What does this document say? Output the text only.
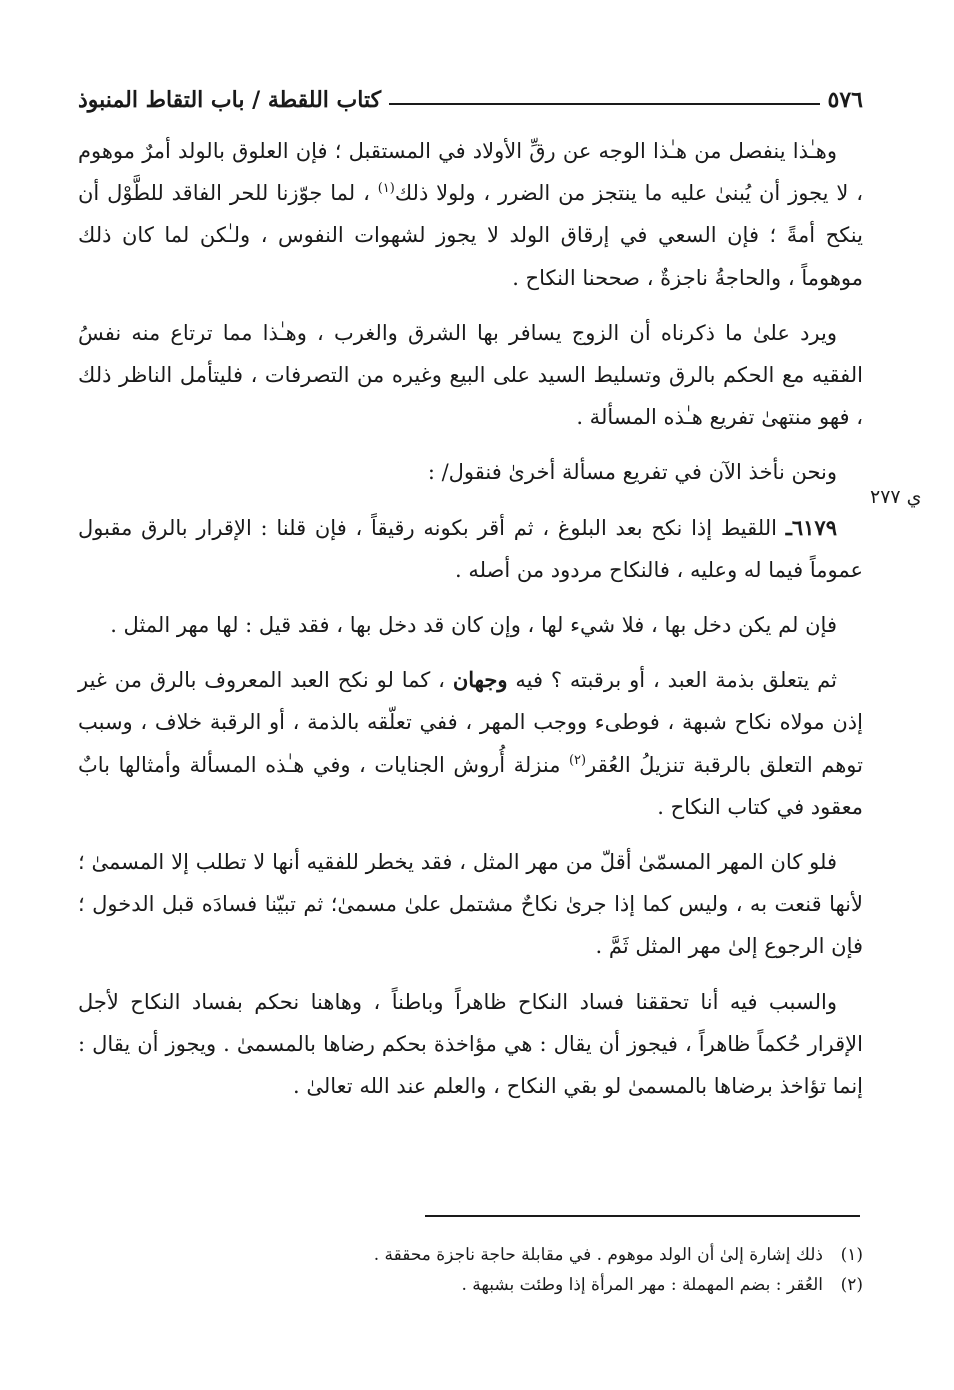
٥٧٦
كتاب اللقطة / باب التقاط المنبوذ
ي ٢٧٧

وهـٰذا ينفصل من هـٰذا الوجه عن رقِّ الأولاد في المستقبل ؛ فإن العلوق بالولد أمرٌ موهوم ، لا يجوز أن يُبنىٰ عليه ما ينتجز من الضرر ، ولولا ذلك$^{(١)}$ ، لما جوّزنا للحر الفاقد للطَّوْل أن ينكح أمةً ؛ فإن السعي في إرقاق الولد لا يجوز لشهوات النفوس ، ولـٰكن لما كان ذلك موهوماً ، والحاجةُ ناجزةٌ ، صححنا النكاح .

ويرد علىٰ ما ذكرناه أن الزوج يسافر بها الشرق والغرب ، وهـٰذا مما ترتاع منه نفسُ الفقيه مع الحكم بالرق وتسليط السيد على البيع وغيره من التصرفات ، فليتأمل الناظر ذلك ، فهو منتهىٰ تفريع هـٰذه المسألة .

ونحن نأخذ الآن في تفريع مسألة أخرىٰ فنقول/ :

٦١٧٩ـ اللقيط إذا نكح بعد البلوغ ، ثم أقر بكونه رقيقاً ، فإن قلنا : الإقرار بالرق مقبول عموماً فيما له وعليه ، فالنكاح مردود من أصله .

فإن لم يكن دخل بها ، فلا شيء لها ، وإن كان قد دخل بها ، فقد قيل : لها مهر المثل .

ثم يتعلق بذمة العبد ، أو برقبته ؟ فيه وجهان ، كما لو نكح العبد المعروف بالرق من غير إذن مولاه نكاح شبهة ، فوطىء ووجب المهر ، ففي تعلّقه بالذمة ، أو الرقبة خلاف ، وسبب توهم التعلق بالرقبة تنزيلُ العُقر$^{(٢)}$ منزلة أُروش الجنايات ، وفي هـٰذه المسألة وأمثالها بابٌ معقود في كتاب النكاح .

فلو كان المهر المسمّىٰ أقلّ من مهر المثل ، فقد يخطر للفقيه أنها لا تطلب إلا المسمىٰ ؛ لأنها قنعت به ، وليس كما إذا جرىٰ نكاحٌ مشتمل علىٰ مسمىٰ؛ ثم تبيّنا فسادَه قبل الدخول ؛ فإن الرجوع إلىٰ مهر المثل ثَمَّ .

والسبب فيه أنا تحققنا فساد النكاح ظاهراً وباطناً ، وهاهنا نحكم بفساد النكاح لأجل الإقرار حُكماً ظاهراً ، فيجوز أن يقال : هي مؤاخذة بحكم رضاها بالمسمىٰ . ويجوز أن يقال : إنما تؤاخذ برضاها بالمسمىٰ لو بقي النكاح ، والعلم عند الله تعالىٰ .

(١)
ذلك إشارة إلىٰ أن الولد موهوم . في مقابلة حاجة ناجزة محققة .
(٢)
العُقر : بضم المهملة : مهر المرأة إذا وطئت بشبهة .
